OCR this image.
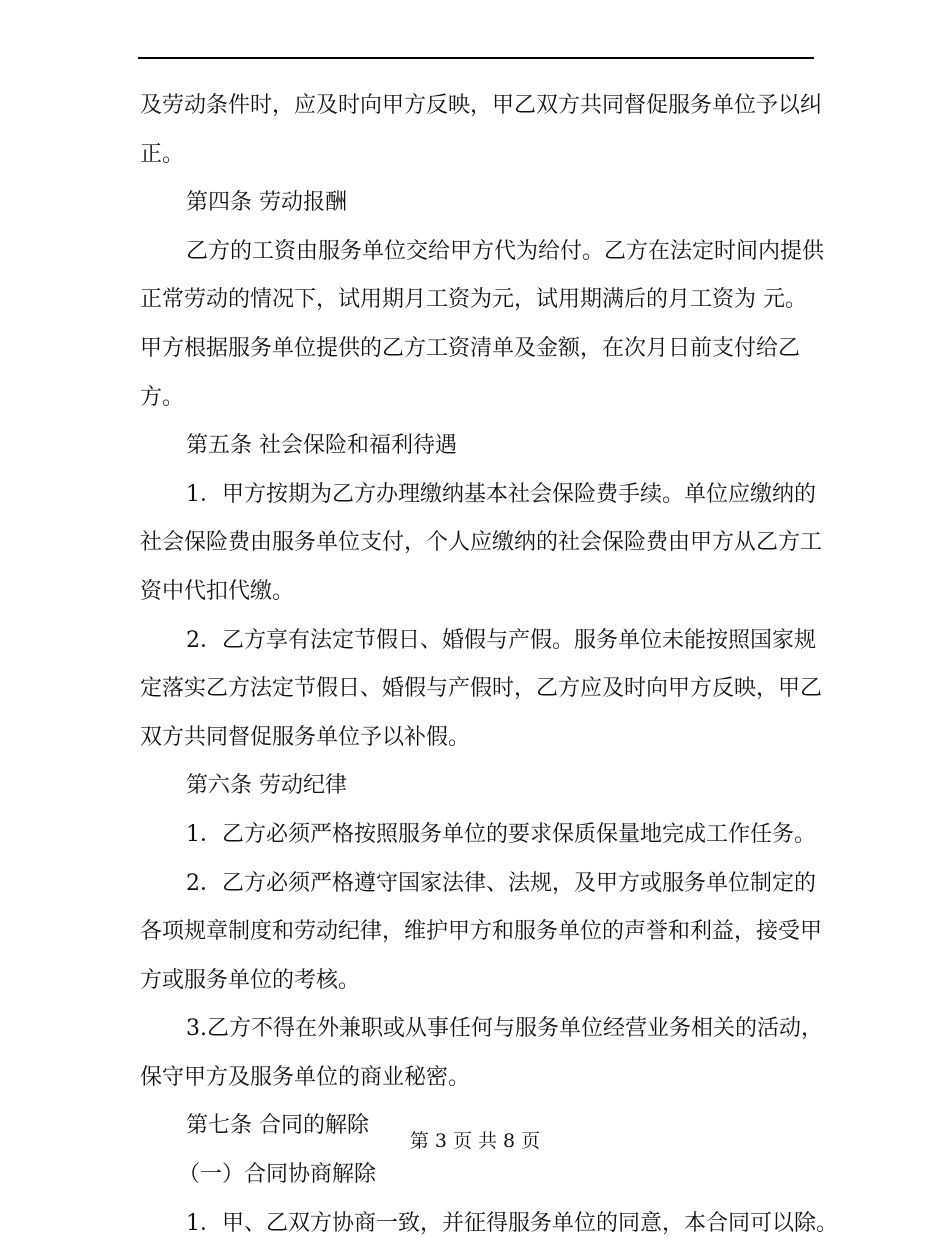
及劳动条件时，应及时向甲方反映，甲乙双方共同督促服务单位予以纠
正。
第四条 劳动报酬
乙方的工资由服务单位交给甲方代为给付。乙方在法定时间内提供
正常劳动的情况下，试用期月工资为元，试用期满后的月工资为 元。
甲方根据服务单位提供的乙方工资清单及金额，在次月日前支付给乙
方。
第五条 社会保险和福利待遇
1．甲方按期为乙方办理缴纳基本社会保险费手续。单位应缴纳的
社会保险费由服务单位支付，个人应缴纳的社会保险费由甲方从乙方工
资中代扣代缴。
2．乙方享有法定节假日、婚假与产假。服务单位未能按照国家规
定落实乙方法定节假日、婚假与产假时，乙方应及时向甲方反映，甲乙
双方共同督促服务单位予以补假。
第六条 劳动纪律
1．乙方必须严格按照服务单位的要求保质保量地完成工作任务。
2．乙方必须严格遵守国家法律、法规，及甲方或服务单位制定的
各项规章制度和劳动纪律，维护甲方和服务单位的声誉和利益，接受甲
方或服务单位的考核。
3.乙方不得在外兼职或从事任何与服务单位经营业务相关的活动，
保守甲方及服务单位的商业秘密。
第七条 合同的解除
（一）合同协商解除
1．甲、乙双方协商一致，并征得服务单位的同意，本合同可以除。
第 3 页 共 8 页
